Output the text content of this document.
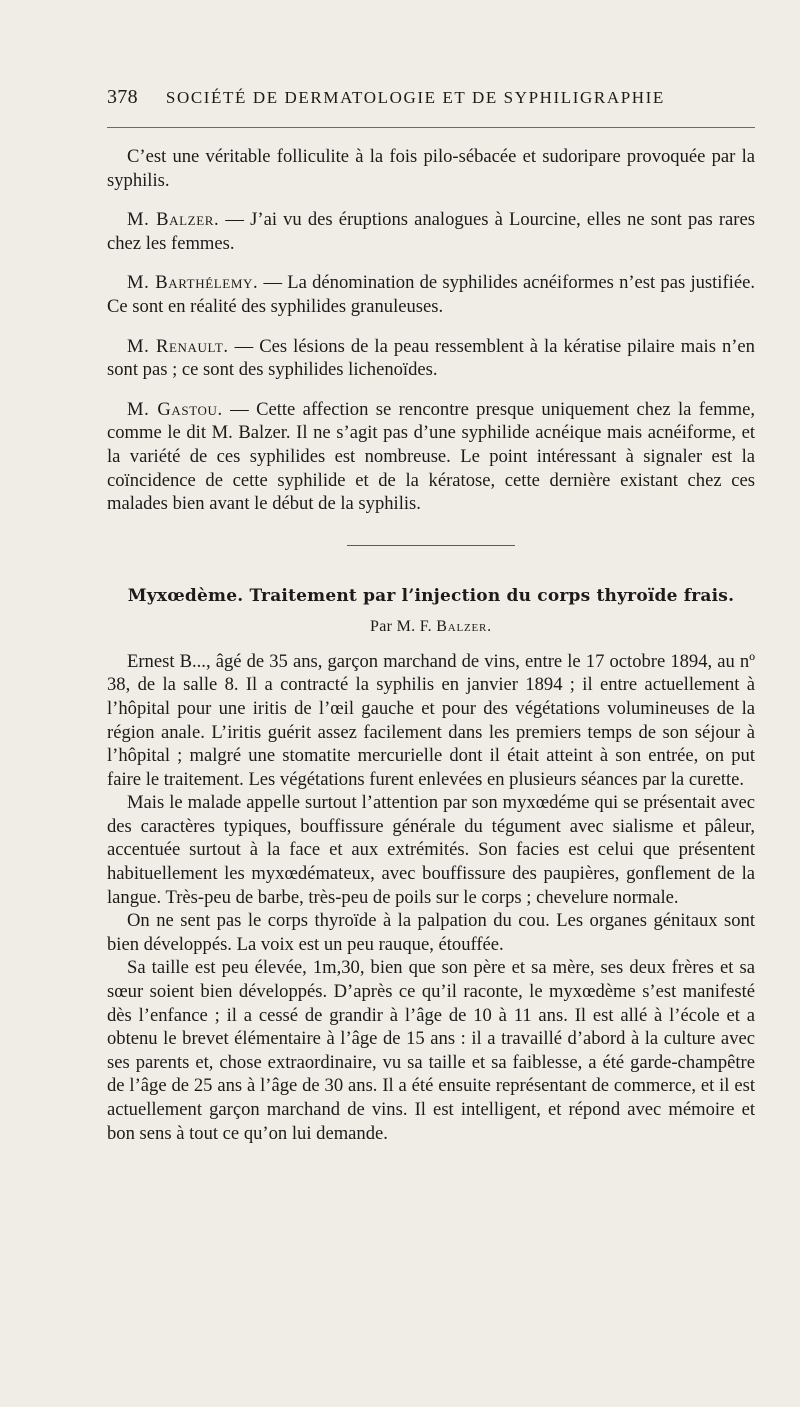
378 SOCIÉTÉ DE DERMATOLOGIE ET DE SYPHILIGRAPHIE

C’est une véritable folliculite à la fois pilo-sébacée et sudoripare provoquée par la syphilis.

M. Balzer. — J’ai vu des éruptions analogues à Lourcine, elles ne sont pas rares chez les femmes.

M. Barthélemy. — La dénomination de syphilides acnéiformes n’est pas justifiée. Ce sont en réalité des syphilides granuleuses.

M. Renault. — Ces lésions de la peau ressemblent à la kératise pilaire mais n’en sont pas ; ce sont des syphilides lichenoïdes.

M. Gastou. — Cette affection se rencontre presque uniquement chez la femme, comme le dit M. Balzer. Il ne s’agit pas d’une syphilide acnéique mais acnéiforme, et la variété de ces syphilides est nombreuse. Le point intéressant à signaler est la coïncidence de cette syphilide et de la kératose, cette dernière existant chez ces malades bien avant le début de la syphilis.

Myxœdème. Traitement par l’injection du corps thyroïde frais.
Par M. F. Balzer.

Ernest B..., âgé de 35 ans, garçon marchand de vins, entre le 17 octobre 1894, au nº 38, de la salle 8. Il a contracté la syphilis en janvier 1894 ; il entre actuellement à l’hôpital pour une iritis de l’œil gauche et pour des végétations volumineuses de la région anale. L’iritis guérit assez facilement dans les premiers temps de son séjour à l’hôpital ; malgré une stomatite mercurielle dont il était atteint à son entrée, on put faire le traitement. Les végétations furent enlevées en plusieurs séances par la curette.

Mais le malade appelle surtout l’attention par son myxœdéme qui se présentait avec des caractères typiques, bouffissure générale du tégument avec sialisme et pâleur, accentuée surtout à la face et aux extrémités. Son facies est celui que présentent habituellement les myxœdémateux, avec bouffissure des paupières, gonflement de la langue. Très-peu de barbe, très-peu de poils sur le corps ; chevelure normale.

On ne sent pas le corps thyroïde à la palpation du cou. Les organes génitaux sont bien développés. La voix est un peu rauque, étouffée.

Sa taille est peu élevée, 1m,30, bien que son père et sa mère, ses deux frères et sa sœur soient bien développés. D’après ce qu’il raconte, le myxœdème s’est manifesté dès l’enfance ; il a cessé de grandir à l’âge de 10 à 11 ans. Il est allé à l’école et a obtenu le brevet élémentaire à l’âge de 15 ans : il a travaillé d’abord à la culture avec ses parents et, chose extraordinaire, vu sa taille et sa faiblesse, a été garde-champêtre de l’âge de 25 ans à l’âge de 30 ans. Il a été ensuite représentant de commerce, et il est actuellement garçon marchand de vins. Il est intelligent, et répond avec mémoire et bon sens à tout ce qu’on lui demande.
